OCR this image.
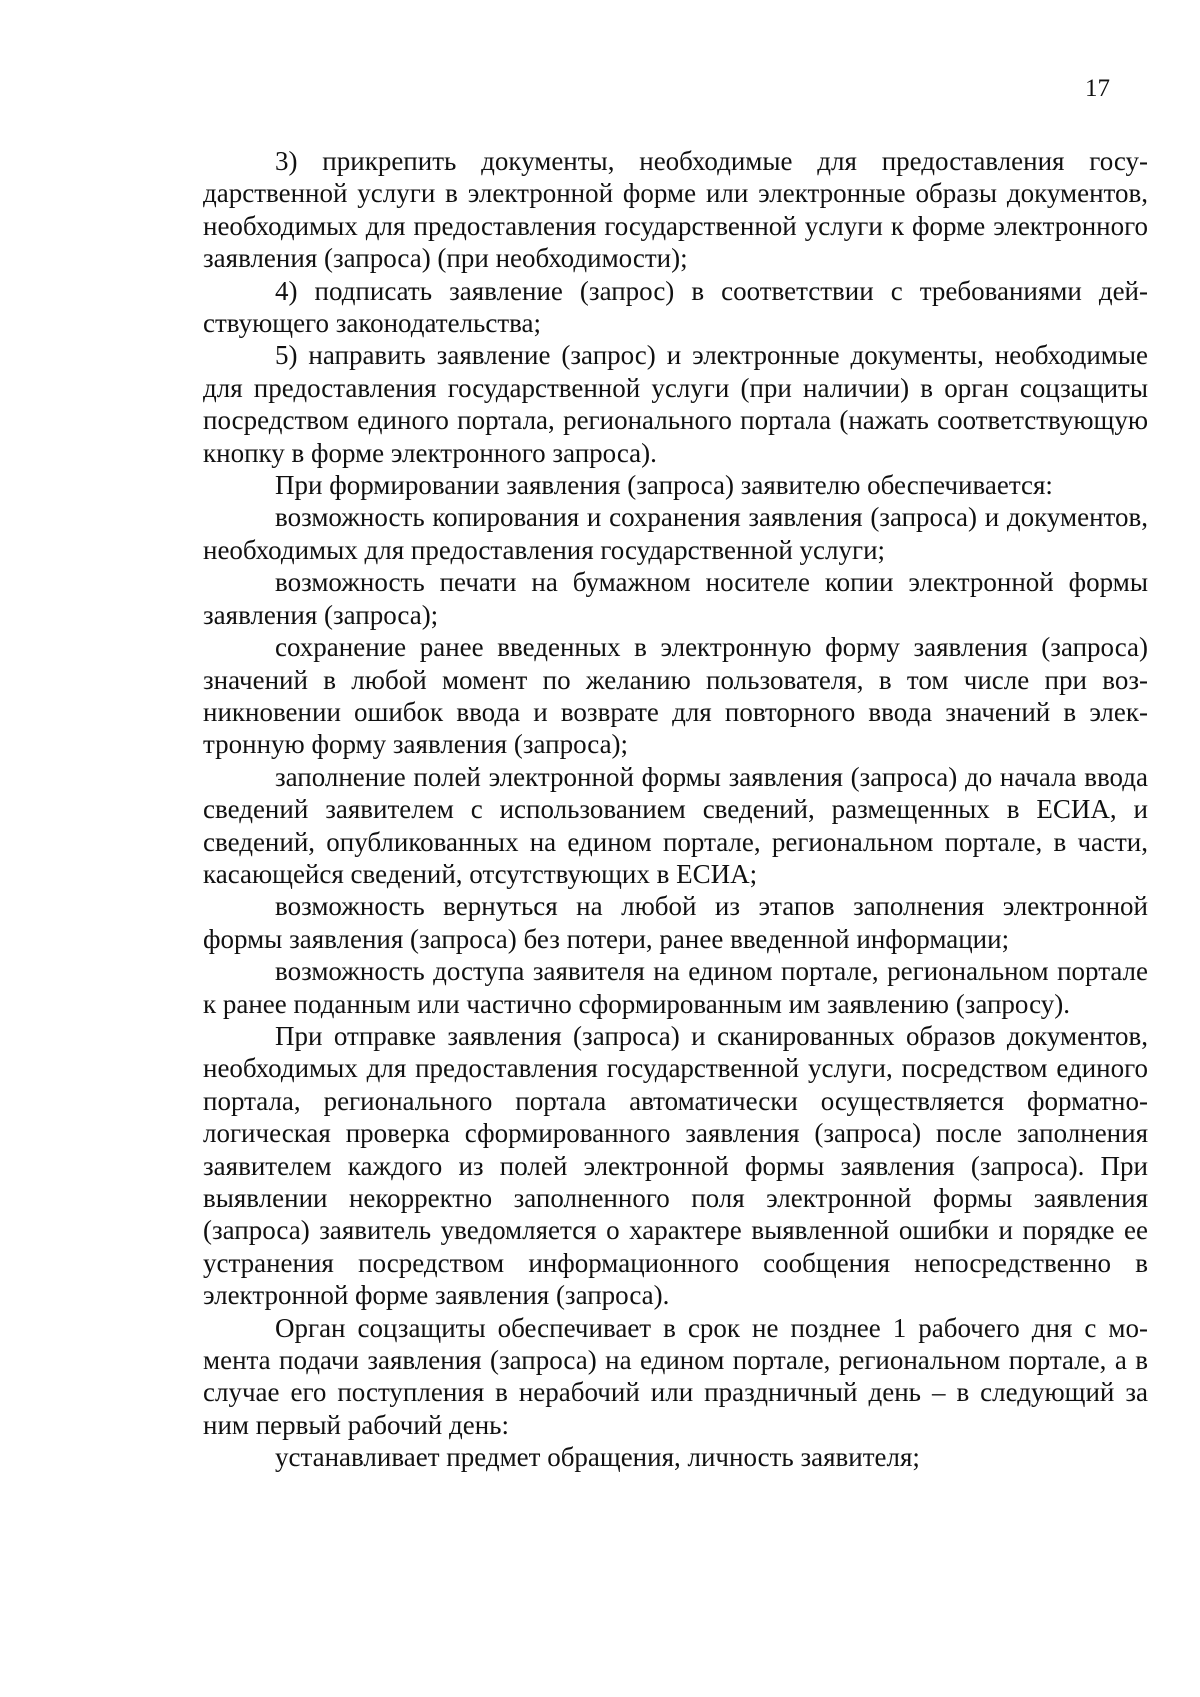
17

3) прикрепить документы, необходимые для предоставления государственной услуги в электронной форме или электронные образы документов, необходимых для предоставления государственной услуги к форме электронного заявления (запроса) (при необходимости);

4) подписать заявление (запрос) в соответствии с требованиями действующего законодательства;

5) направить заявление (запрос) и электронные документы, необходимые для предоставления государственной услуги (при наличии) в орган соцзащиты посредством единого портала, регионального портала (нажать соответствующую кнопку в форме электронного запроса).

При формировании заявления (запроса) заявителю обеспечивается:

возможность копирования и сохранения заявления (запроса) и документов, необходимых для предоставления государственной услуги;

возможность печати на бумажном носителе копии электронной формы заявления (запроса);

сохранение ранее введенных в электронную форму заявления (запроса) значений в любой момент по желанию пользователя, в том числе при возникновении ошибок ввода и возврате для повторного ввода значений в электронную форму заявления (запроса);

заполнение полей электронной формы заявления (запроса) до начала ввода сведений заявителем с использованием сведений, размещенных в ЕСИА, и сведений, опубликованных на едином портале, региональном портале, в части, касающейся сведений, отсутствующих в ЕСИА;

возможность вернуться на любой из этапов заполнения электронной формы заявления (запроса) без потери, ранее введенной информации;

возможность доступа заявителя на едином портале, региональном портале к ранее поданным или частично сформированным им заявлению (запросу).

При отправке заявления (запроса) и сканированных образов документов, необходимых для предоставления государственной услуги, посредством единого портала, регионального портала автоматически осуществляется форматно-логическая проверка сформированного заявления (запроса) после заполнения заявителем каждого из полей электронной формы заявления (запроса). При выявлении некорректно заполненного поля электронной формы заявления (запроса) заявитель уведомляется о характере выявленной ошибки и порядке ее устранения посредством информационного сообщения непосредственно в электронной форме заявления (запроса).

Орган соцзащиты обеспечивает в срок не позднее 1 рабочего дня с момента подачи заявления (запроса) на едином портале, региональном портале, а в случае его поступления в нерабочий или праздничный день – в следующий за ним первый рабочий день:

устанавливает предмет обращения, личность заявителя;
